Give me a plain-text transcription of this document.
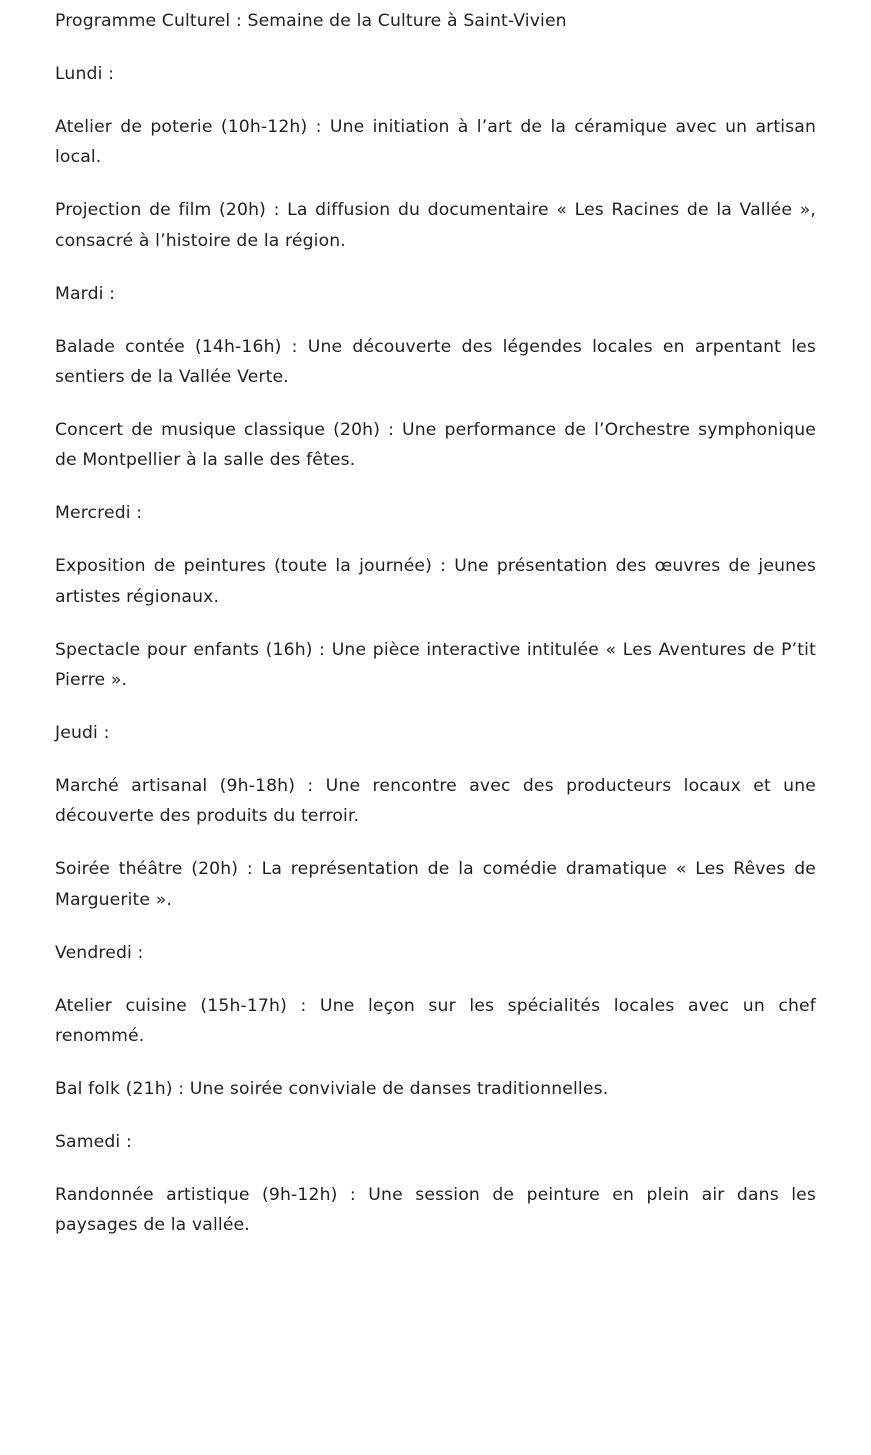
Programme Culturel : Semaine de la Culture à Saint-Vivien

Lundi :

Atelier de poterie (10h-12h) : Une initiation à l’art de la céramique avec un artisan local.

Projection de film (20h) : La diffusion du documentaire « Les Racines de la Vallée », consacré à l’histoire de la région.

Mardi :

Balade contée (14h-16h) : Une découverte des légendes locales en arpentant les sentiers de la Vallée Verte.

Concert de musique classique (20h) : Une performance de l’Orchestre symphonique de Montpellier à la salle des fêtes.

Mercredi :

Exposition de peintures (toute la journée) : Une présentation des œuvres de jeunes artistes régionaux.

Spectacle pour enfants (16h) : Une pièce interactive intitulée « Les Aventures de P’tit Pierre ».

Jeudi :

Marché artisanal (9h-18h) : Une rencontre avec des producteurs locaux et une découverte des produits du terroir.

Soirée théâtre (20h) : La représentation de la comédie dramatique « Les Rêves de Marguerite ».

Vendredi :

Atelier cuisine (15h-17h) : Une leçon sur les spécialités locales avec un chef renommé.

Bal folk (21h) : Une soirée conviviale de danses traditionnelles.

Samedi :

Randonnée artistique (9h-12h) : Une session de peinture en plein air dans les paysages de la vallée.
